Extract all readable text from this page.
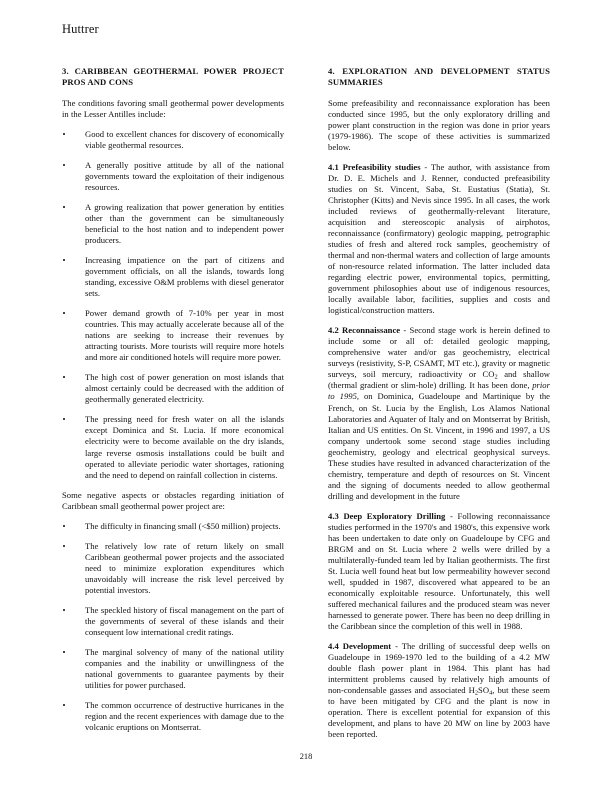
Huttrer
3. CARIBBEAN GEOTHERMAL POWER PROJECT PROS AND CONS

The conditions favoring small geothermal power developments in the Lesser Antilles include:

• Good to excellent chances for discovery of economically viable geothermal resources.
• A generally positive attitude by all of the national governments toward the exploitation of their indigenous resources.
• A growing realization that power generation by entities other than the government can be simultaneously beneficial to the host nation and to independent power producers.
• Increasing impatience on the part of citizens and government officials, on all the islands, towards long standing, excessive O&M problems with diesel generator sets.
• Power demand growth of 7-10% per year in most countries. This may actually accelerate because all of the nations are seeking to increase their revenues by attracting tourists. More tourists will require more hotels and more air conditioned hotels will require more power.
• The high cost of power generation on most islands that almost certainly could be decreased with the addition of geothermally generated electricity.
• The pressing need for fresh water on all the islands except Dominica and St. Lucia. If more economical electricity were to become available on the dry islands, large reverse osmosis installations could be built and operated to alleviate periodic water shortages, rationing and the need to depend on rainfall collection in cisterns.

Some negative aspects or obstacles regarding initiation of Caribbean small geothermal power project are:

• The difficulty in financing small (<$50 million) projects.
• The relatively low rate of return likely on small Caribbean geothermal power projects and the associated need to minimize exploration expenditures which unavoidably will increase the risk level perceived by potential investors.
• The speckled history of fiscal management on the part of the governments of several of these islands and their consequent low international credit ratings.
• The marginal solvency of many of the national utility companies and the inability or unwillingness of the national governments to guarantee payments by their utilities for power purchased.
• The common occurrence of destructive hurricanes in the region and the recent experiences with damage due to the volcanic eruptions on Montserrat.
4. EXPLORATION AND DEVELOPMENT STATUS SUMMARIES

Some prefeasibility and reconnaissance exploration has been conducted since 1995, but the only exploratory drilling and power plant construction in the region was done in prior years (1979-1986). The scope of these activities is summarized below.

4.1 Prefeasibility studies - The author, with assistance from Dr. D. E. Michels and J. Renner, conducted prefeasibility studies on St. Vincent, Saba, St. Eustatius (Statia), St. Christopher (Kitts) and Nevis since 1995. In all cases, the work included reviews of geothermally-relevant literature, acquisition and stereoscopic analysis of airphotos, reconnaissance (confirmatory) geologic mapping, petrographic studies of fresh and altered rock samples, geochemistry of thermal and non-thermal waters and collection of large amounts of non-resource related information. The latter included data regarding electric power, environmental topics, permitting, government philosophies about use of indigenous resources, locally available labor, facilities, supplies and costs and logistical/construction matters.

4.2 Reconnaissance - Second stage work is herein defined to include some or all of: detailed geologic mapping, comprehensive water and/or gas geochemistry, electrical surveys (resistivity, S-P, CSAMT, MT etc.), gravity or magnetic surveys, soil mercury, radioactivity or $CO_2$ and shallow (thermal gradient or slim-hole) drilling. It has been done, prior to 1995, on Dominica, Guadeloupe and Martinique by the French, on St. Lucia by the English, Los Alamos National Laboratories and Aquater of Italy and on Montserrat by British, Italian and US entities. On St. Vincent, in 1996 and 1997, a US company undertook some second stage studies including geochemistry, geology and electrical geophysical surveys. These studies have resulted in advanced characterization of the chemistry, temperature and depth of resources on St. Vincent and the signing of documents needed to allow geothermal drilling and development in the future

4.3 Deep Exploratory Drilling - Following reconnaissance studies performed in the 1970's and 1980's, this expensive work has been undertaken to date only on Guadeloupe by CFG and BRGM and on St. Lucia where 2 wells were drilled by a multilaterally-funded team led by Italian geothermists. The first St. Lucia well found heat but low permeability however second well, spudded in 1987, discovered what appeared to be an economically exploitable resource. Unfortunately, this well suffered mechanical failures and the produced steam was never harnessed to generate power. There has been no deep drilling in the Caribbean since the completion of this well in 1988.

4.4 Development - The drilling of successful deep wells on Guadeloupe in 1969-1970 led to the building of a 4.2 MW double flash power plant in 1984. This plant has had intermittent problems caused by relatively high amounts of non-condensable gasses and associated $H_2SO_4$, but these seem to have been mitigated by CFG and the plant is now in operation. There is excellent potential for expansion of this development, and plans to have 20 MW on line by 2003 have been reported.

218
